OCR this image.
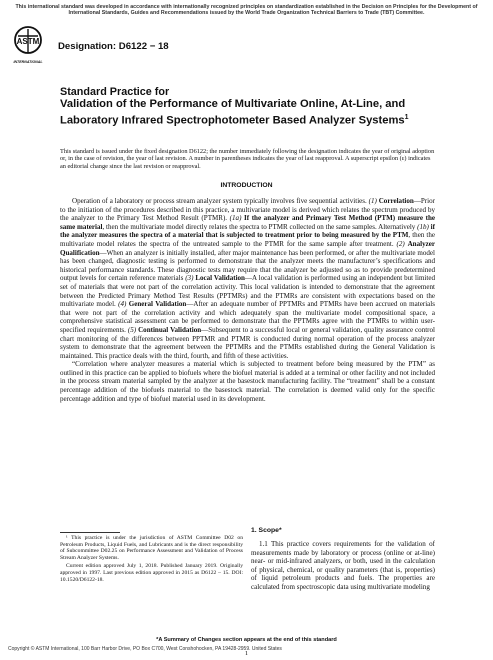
This international standard was developed in accordance with internationally recognized principles on standardization established in the Decision on Principles for the Development of International Standards, Guides and Recommendations issued by the World Trade Organization Technical Barriers to Trade (TBT) Committee.
ASTM
INTERNATIONAL
Designation: D6122 − 18
Standard Practice for
Validation of the Performance of Multivariate Online, At-Line, and Laboratory Infrared Spectrophotometer Based Analyzer Systems$^1$
This standard is issued under the fixed designation D6122; the number immediately following the designation indicates the year of original adoption or, in the case of revision, the year of last revision. A number in parentheses indicates the year of last reapproval. A superscript epsilon (ε) indicates an editorial change since the last revision or reapproval.
INTRODUCTION

Operation of a laboratory or process stream analyzer system typically involves five sequential activities. (1) Correlation—Prior to the initiation of the procedures described in this practice, a multivariate model is derived which relates the spectrum produced by the analyzer to the Primary Test Method Result (PTMR). (1a) If the analyzer and Primary Test Method (PTM) measure the same material, then the multivariate model directly relates the spectra to PTMR collected on the same samples. Alternatively (1b) if the analyzer measures the spectra of a material that is subjected to treatment prior to being measured by the PTM, then the multivariate model relates the spectra of the untreated sample to the PTMR for the same sample after treatment. (2) Analyzer Qualification—When an analyzer is initially installed, after major maintenance has been performed, or after the multivariate model has been changed, diagnostic testing is performed to demonstrate that the analyzer meets the manufacturer’s specifications and historical performance standards. These diagnostic tests may require that the analyzer be adjusted so as to provide predetermined output levels for certain reference materials (3) Local Validation—A local validation is performed using an independent but limited set of materials that were not part of the correlation activity. This local validation is intended to demonstrate that the agreement between the Predicted Primary Method Test Results (PPTMRs) and the PTMRs are consistent with expectations based on the multivariate model. (4) General Validation—After an adequate number of PPTMRs and PTMRs have been accrued on materials that were not part of the correlation activity and which adequately span the multivariate model compositional space, a comprehensive statistical assessment can be performed to demonstrate that the PPTMRs agree with the PTMRs to within user-specified requirements. (5) Continual Validation—Subsequent to a successful local or general validation, quality assurance control chart monitoring of the differences between PPTMR and PTMR is conducted during normal operation of the process analyzer system to demonstrate that the agreement between the PPTMRs and the PTMRs established during the General Validation is maintained. This practice deals with the third, fourth, and fifth of these activities.

“Correlation where analyzer measures a material which is subjected to treatment before being measured by the PTM” as outlined in this practice can be applied to biofuels where the biofuel material is added at a terminal or other facility and not included in the process stream material sampled by the analyzer at the basestock manufacturing facility. The “treatment” shall be a constant percentage addition of the biofuels material to the basestock material. The correlation is deemed valid only for the specific percentage addition and type of biofuel material used in its development.

¹ This practice is under the jurisdiction of ASTM Committee D02 on Petroleum Products, Liquid Fuels, and Lubricants and is the direct responsibility of Subcommittee D02.25 on Performance Assessment and Validation of Process Stream Analyzer Systems.

Current edition approved July 1, 2018. Published January 2019. Originally approved in 1997. Last previous edition approved in 2015 as D6122 – 15. DOI: 10.1520/D6122-18.

1. Scope*

1.1 This practice covers requirements for the validation of measurements made by laboratory or process (online or at-line) near- or mid-infrared analyzers, or both, used in the calculation of physical, chemical, or quality parameters (that is, properties) of liquid petroleum products and fuels. The properties are calculated from spectroscopic data using multivariate modeling

*A Summary of Changes section appears at the end of this standard
Copyright © ASTM International, 100 Barr Harbor Drive, PO Box C700, West Conshohocken, PA 19428-2959. United States
1
